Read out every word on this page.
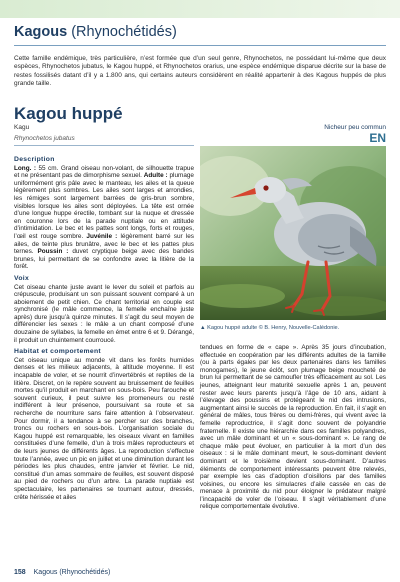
Kagous (Rhynochétidés)

Cette famille endémique, très particulière, n’est formée que d’un seul genre, Rhynochetos, ne possédant lui-même que deux espèces, Rhynochetos jubatus, le Kagou huppé, et Rhynochetos orarius, une espèce endémique disparue décrite sur la base de restes fossilisés datant d’il y a 1.800 ans, qui certains auteurs considèrent en réalité appartenir à des Kagous huppés de plus grande taille.

Kagou huppé
Kagu
Rhynochetos jubatus
Nicheur peu commun
EN
▲ Kagou huppé adulte © B. Henry, Nouvelle-Calédonie.
Description

Long. : 55 cm. Grand oiseau non-volant, de silhouette trapue et ne présentant pas de dimorphisme sexuel. Adulte : plumage uniformément gris pâle avec le manteau, les ailes et la queue légèrement plus sombres. Les ailes sont larges et arrondies, les rémiges sont largement barrées de gris-brun sombre, visibles lorsque les ailes sont déployées. La tête est ornée d’une longue huppe érectile, tombant sur la nuque et dressée en couronne lors de la parade nuptiale ou en attitude d’intimidation. Le bec et les pattes sont longs, forts et rouges, l’œil est rouge sombre. Juvénile : légèrement barré sur les ailes, de teinte plus brunâtre, avec le bec et les pattes plus ternes. Poussin : duvet cryptique beige avec des bandes brunes, lui permettant de se confondre avec la litière de la forêt.

Voix

Cet oiseau chante juste avant le lever du soleil et parfois au crépuscule, produisant un son puissant souvent comparé à un aboiement de petit chien. Ce chant territorial en couple est synchronisé (le mâle commence, la femelle enchaîne juste après) dure jusqu’à quinze minutes. Il s’agit du seul moyen de différencier les sexes : le mâle a un chant composé d’une douzaine de syllabes, la femelle en émet entre 6 et 9. Dérangé, il produit un chuintement courroucé.

Habitat et comportement

Cet oiseau unique au monde vit dans les forêts humides denses et les milieux adjacents, à altitude moyenne. Il est incapable de voler, et se nourrit d’invertébrés et reptiles de la litière. Discret, on le repère souvent au bruissement de feuilles mortes qu’il produit en marchant en sous-bois. Peu farouche et souvent curieux, il peut suivre les promeneurs ou resté indifférent à leur présence, poursuivant sa route et sa recherche de nourriture sans faire attention à l’observateur. Pour dormir, il a tendance à se percher sur des branches, troncs ou rochers en sous-bois. L’organisation sociale du Kagou huppé est remarquable, les oiseaux vivant en familles constituées d’une femelle, d’un à trois mâles reproducteurs et de leurs jeunes de différents âges. La reproduction s’effectue toute l’année, avec un pic en juillet et une diminution durant les périodes les plus chaudes, entre janvier et février. Le nid, constitué d’un amas sommaire de feuilles, est souvent disposé au pied de rochers ou d’un arbre. La parade nuptiale est spectaculaire, les partenaires se tournant autour, dressés, crête hérissée et ailes

tendues en forme de « cape ». Après 35 jours d’incubation, effectuée en coopération par les différents adultes de la famille (ou à parts égales par les deux partenaires dans les familles monogames), le jeune éclôt, son plumage beige moucheté de brun lui permettant de se camoufler très efficacement au sol. Les jeunes, atteignant leur maturité sexuelle après 1 an, peuvent rester avec leurs parents jusqu’à l’âge de 10 ans, aidant à l’élevage des poussins et protégeant le nid des intrusions, augmentant ainsi le succès de la reproduction. En fait, il s’agit en général de mâles, tous frères ou demi-frères, qui vivent avec la femelle reproductrice, il s’agit donc souvent de polyandrie fraternelle. Il existe une hiérarchie dans ces familles polyandres, avec un mâle dominant et un « sous-dominant ». Le rang de chaque mâle peut évoluer, en particulier à la mort d’un des oiseaux : si le mâle dominant meurt, le sous-dominant devient dominant et le troisième devient sous-dominant. D’autres éléments de comportement intéressants peuvent être relevés, par exemple les cas d’adoption d’oisillons par des familles voisines, ou encore les simulacres d’aile cassée en cas de menace à proximité du nid pour éloigner le prédateur malgré l’incapacité de voler de l’oiseau. Il s’agit véritablement d’une relique comportementale évolutive.

158 Kagous (Rhynochétidés)
